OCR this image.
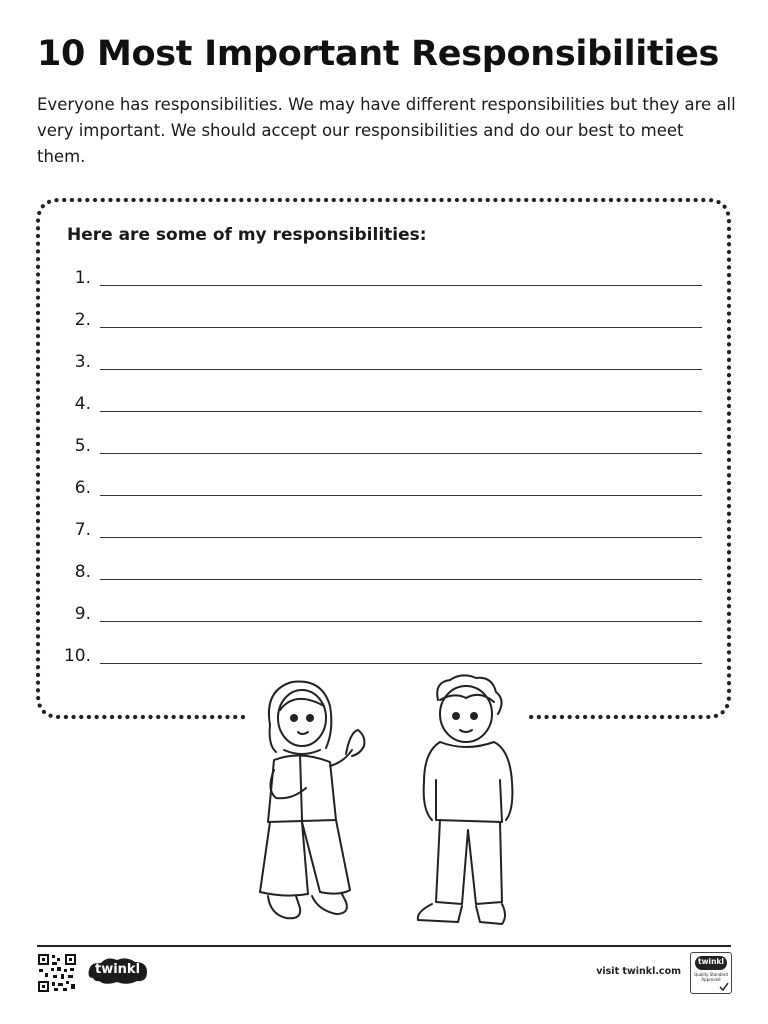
10 Most Important Responsibilities

Everyone has responsibilities. We may have different responsibilities but they are all very important. We should accept our responsibilities and do our best to meet them.

Here are some of my responsibilities:
1.
2.
3.
4.
5.
6.
7.
8.
9.
10.
twinkl	visit twinkl.com
twinkl
Quality Standard Approved
